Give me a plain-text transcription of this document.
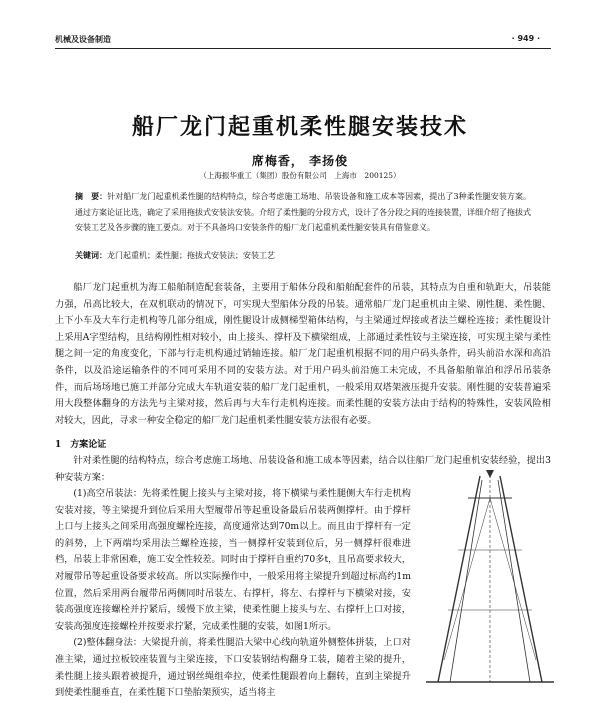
机械及设备制造	· 949 ·
船厂龙门起重机柔性腿安装技术
席梅香， 李扬俊
（上海振华重工（集团）股份有限公司　上海市　200125）
摘　要：针对船厂龙门起重机柔性腿的结构特点，综合考虑施工场地、吊装设备和施工成本等因素，提出了3种柔性腿安装方案。通过方案论证比选，确定了采用拖拔式安装法安装。介绍了柔性腿的分段方式，设计了各分段之间的连接装置，详细介绍了拖拔式安装工艺及各步骤的施工要点。对于不具备坞口安装条件的船厂龙门起重机柔性腿安装具有借鉴意义。
关键词：龙门起重机；柔性腿；拖拔式安装法；安装工艺
船厂龙门起重机为海工船舶制造配套装备，主要用于船体分段和船舶配套件的吊装，其特点为自重和轨距大，吊装能力强，吊高比较大，在双机联动的情况下，可实现大型船体分段的吊装。通常船厂龙门起重机由主梁、刚性腿、柔性腿、上下小车及大车行走机构等几部分组成，刚性腿设计成侧梯型箱体结构，与主梁通过焊接或者法兰螺栓连接；柔性腿设计上采用A字型结构，且结构刚性相对较小，由上接头、撑杆及下横梁组成，上部通过柔性铰与主梁连接，可实现主梁与柔性腿之间一定的角度变化，下部与行走机构通过销轴连接。船厂龙门起重机根据不同的用户码头条件，码头前沿水深和高沿条件，以及沿途运输条件的不同可采用不同的安装方法。对于用户码头前沿施工未完成，不具备船舶靠泊和浮吊吊装条件，而后场场地已施工并部分完成大车轨道安装的船厂龙门起重机，一般采用双塔架液压提升安装。刚性腿的安装普遍采用大段整体翻身的方法先与主梁对接，然后再与大车行走机构连接。而柔性腿的安装方法由于结构的特殊性，安装风险相对较大，因此，寻求一种安全稳定的船厂龙门起重机柔性腿安装方法很有必要。
1　方案论证
针对柔性腿的结构特点，综合考虑施工场地、吊装设备和施工成本等因素，结合以往船厂龙门起重机安装经验，提出3种安装方案：

(1)高空吊装法：先将柔性腿上接头与主梁对接，将下横梁与柔性腿侧大车行走机构安装对接，等主梁提升到位后采用大型履带吊等起重设备最后吊装两侧撑杆。由于撑杆上口与上接头之间采用高强度螺栓连接，高度通常达到70m以上。而且由于撑杆有一定的斜势，上下两端均采用法兰螺栓连接，当一侧撑杆安装到位后，另一侧撑杆很难进档，吊装上非常困难，施工安全性较差。同时由于撑杆自重约70多t，且吊高要求较大，对履带吊等起重设备要求较高。所以实际操作中，一般采用将主梁提升到超过标高约1m位置，然后采用两台履带吊两侧同时吊装左、右撑杆，将左、右撑杆与下横梁对接，安装高强度连接螺栓并拧紧后，缓慢下放主梁，使柔性腿上接头与左、右撑杆上口对接，安装高强度连接螺栓并按要求拧紧，完成柔性腿的安装，如图1所示。

(2)整体翻身法：大梁提升前，将柔性腿沿大梁中心线向轨道外侧整体拼装，上口对准主梁，通过拉板铰座装置与主梁连接，下口安装钢结构翻身工装，随着主梁的提升，柔性腿上接头跟着被提升，通过钢丝绳组牵拉，使柔性腿跟着向上翻转，直到主梁提升到使柔性腿垂直，在柔性腿下口垫胎架预实，适当将主
